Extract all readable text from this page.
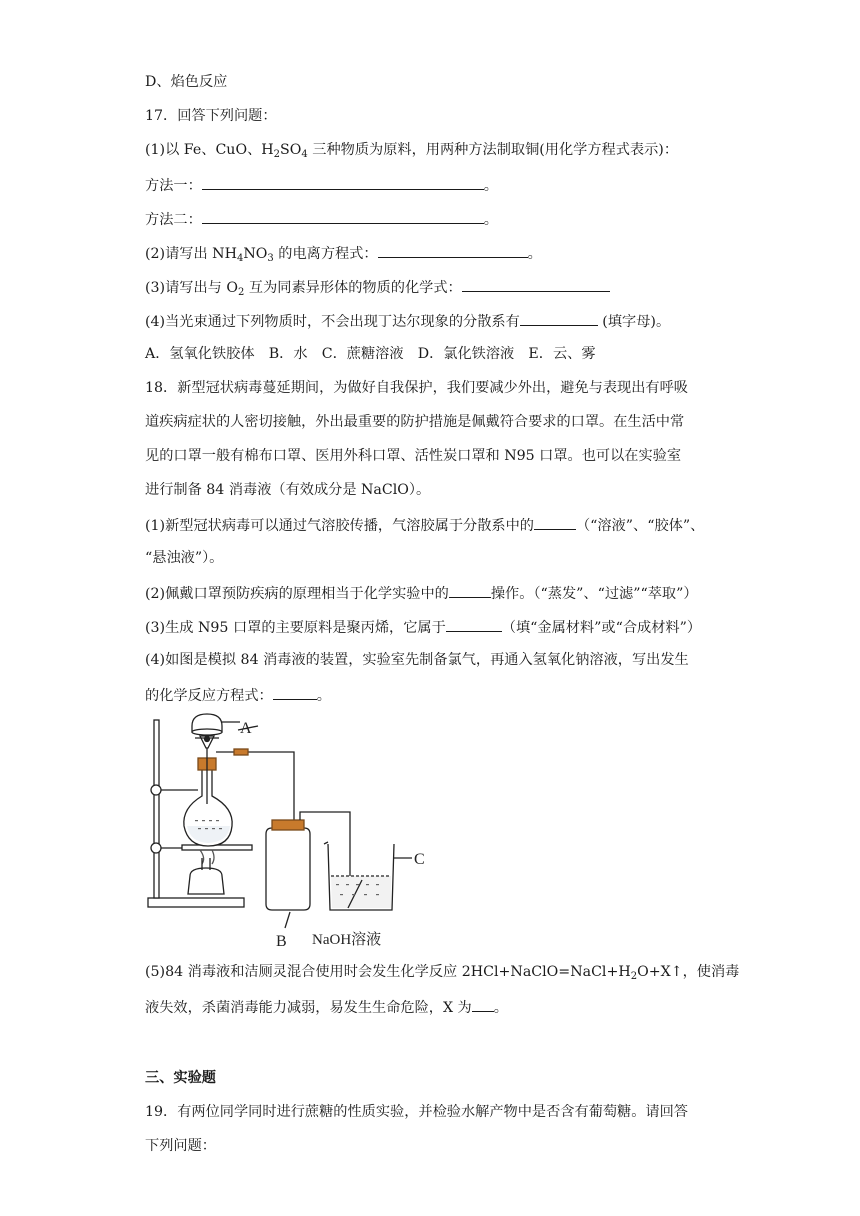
D、焰色反应
17．回答下列问题：
(1)以 Fe、CuO、$H_2SO_4$ 三种物质为原料，用两种方法制取铜(用化学方程式表示)：
方法一：	。
方法二：	。
(2)请写出 $NH_4NO_3$ 的电离方程式：	。
(3)请写出与 $O_2$ 互为同素异形体的物质的化学式：
(4)当光束通过下列物质时，不会出现丁达尔现象的分散系有	(填字母)。
A．氢氧化铁胶体　B．水　C．蔗糖溶液　D．氯化铁溶液　E．云、雾
18．新型冠状病毒蔓延期间，为做好自我保护，我们要减少外出，避免与表现出有呼吸
道疾病症状的人密切接触，外出最重要的防护措施是佩戴符合要求的口罩。在生活中常
见的口罩一般有棉布口罩、医用外科口罩、活性炭口罩和 N95 口罩。也可以在实验室
进行制备 84 消毒液（有效成分是 NaClO）。
(1)新型冠状病毒可以通过气溶胶传播，气溶胶属于分散系中的	（“溶液”、“胶体”、
“悬浊液”）。
(2)佩戴口罩预防疾病的原理相当于化学实验中的	操作。（“蒸发”、“过滤”“萃取”）
(3)生成 N95 口罩的主要原料是聚丙烯，它属于	（填“金属材料”或“合成材料”）
(4)如图是模拟 84 消毒液的装置，实验室先制备氯气，再通入氢氧化钠溶液，写出发生
的化学反应方程式：	。
A
C
B NaOH溶液
(5)84 消毒液和洁厕灵混合使用时会发生化学反应 $2HCl+NaClO=NaCl+H_2O+X↑$，使消毒
液失效，杀菌消毒能力减弱，易发生生命危险，X 为 。
三、实验题
19．有两位同学同时进行蔗糖的性质实验，并检验水解产物中是否含有葡萄糖。请回答
下列问题：
